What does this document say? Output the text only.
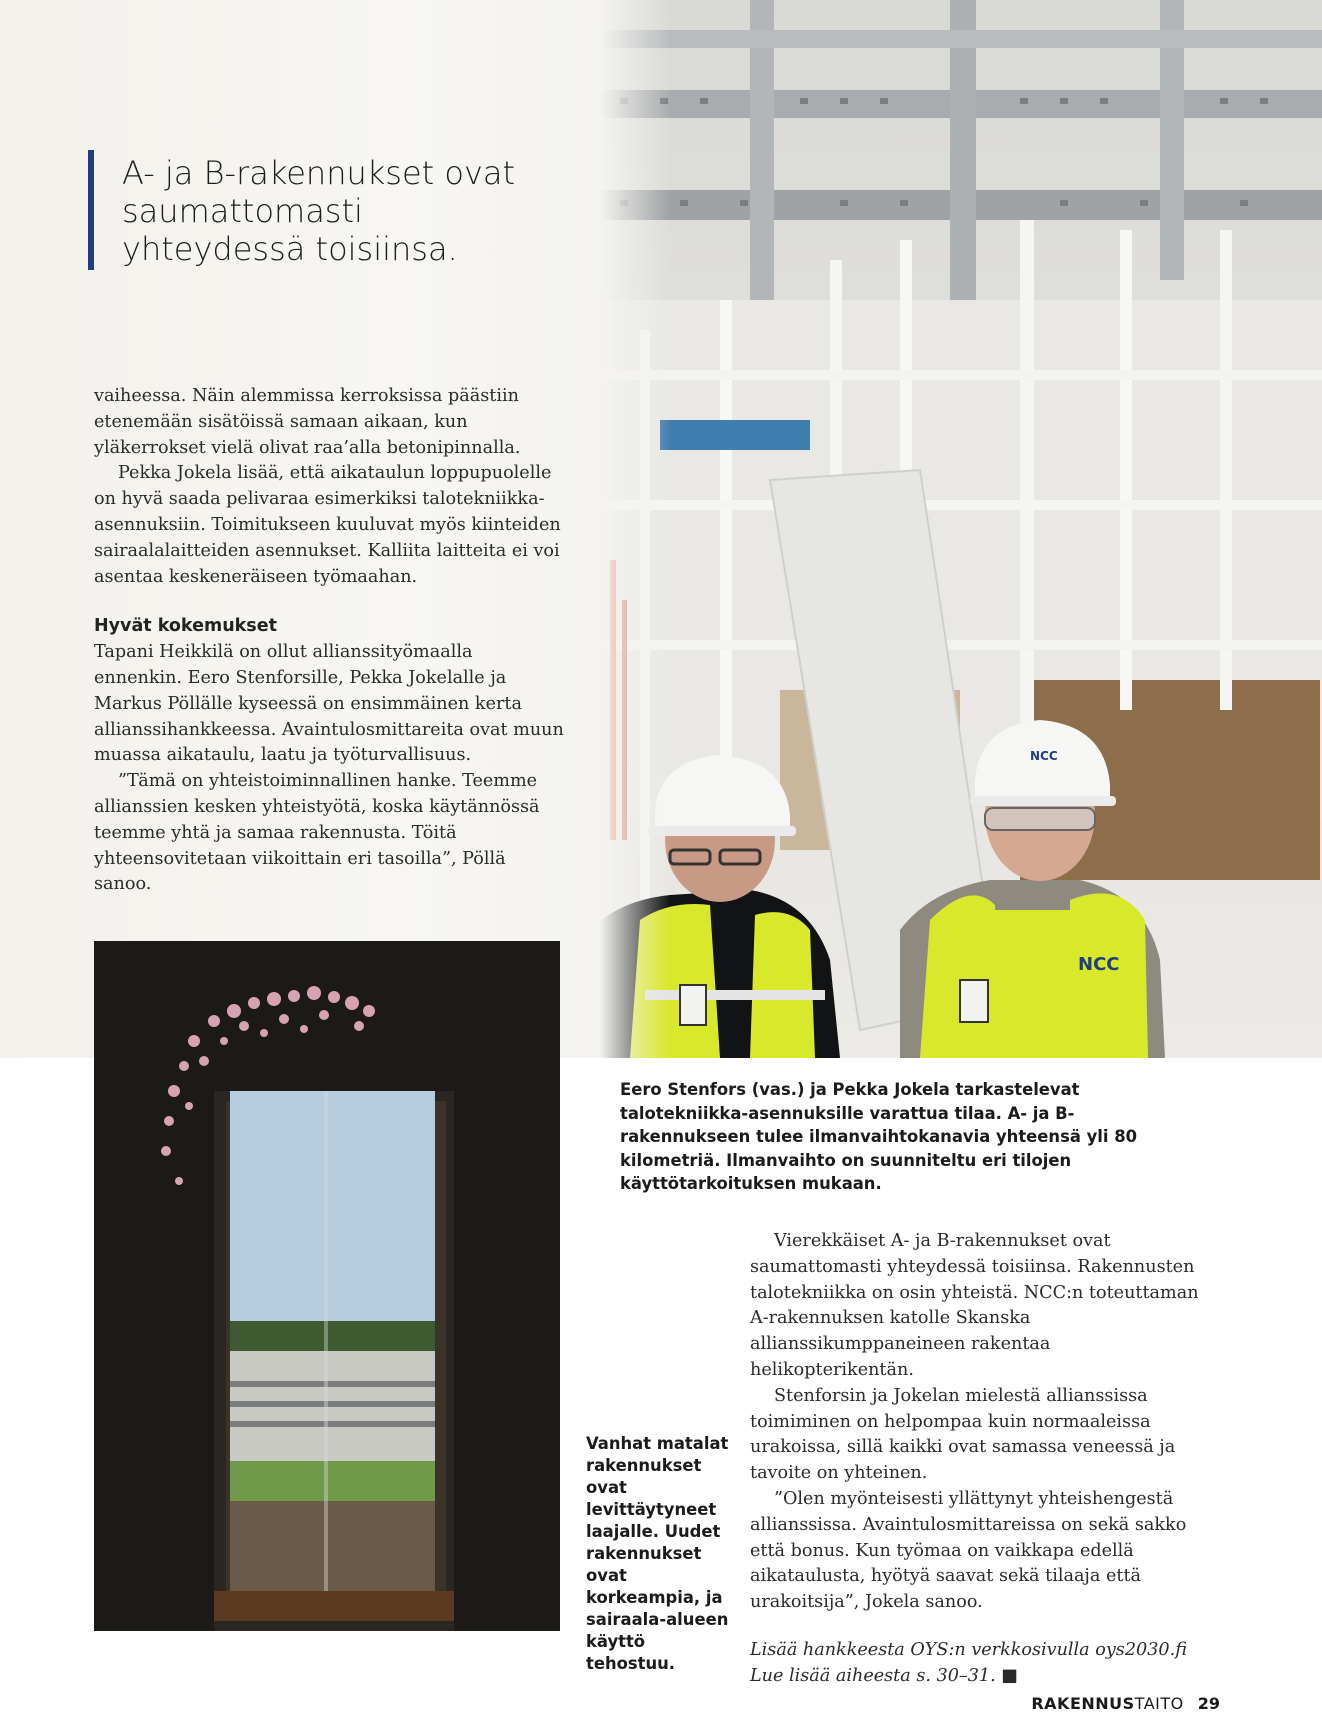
NCC
NCC
A- ja B-rakennukset ovat saumattomasti yhteydessä toisiinsa.

vaiheessa. Näin alemmissa kerroksissa päästiin etenemään sisätöissä samaan aikaan, kun yläkerrokset vielä olivat raa’alla betonipinnalla.

Pekka Jokela lisää, että aikataulun loppupuolelle on hyvä saada pelivaraa esimerkiksi talotekniikka-asennuksiin. Toimitukseen kuuluvat myös kiinteiden sairaalalaitteiden asennukset. Kalliita laitteita ei voi asentaa keskeneräiseen työmaahan.

Hyvät kokemukset

Tapani Heikkilä on ollut allianssityömaalla ennenkin. Eero Stenforsille, Pekka Jokelalle ja Markus Pöllälle kyseessä on ensimmäinen kerta allianssihankkeessa. Avaintulosmittareita ovat muun muassa aikataulu, laatu ja työturvallisuus.

”Tämä on yhteistoiminnallinen hanke. Teemme allianssien kesken yhteistyötä, koska käytännössä teemme yhtä ja samaa rakennusta. Töitä yhteensovitetaan viikoittain eri tasoilla”, Pöllä sanoo.

Eero Stenfors (vas.) ja Pekka Jokela tarkastelevat talotekniikka-asennuksille varattua tilaa. A- ja B-rakennukseen tulee ilmanvaihtokanavia yhteensä yli 80 kilometriä. Ilmanvaihto on suunniteltu eri tilojen käyttötarkoituksen mukaan.
Vanhat matalat rakennukset ovat levittäytyneet laajalle. Uudet rakennukset ovat korkeampia, ja sairaala-alueen käyttö tehostuu.

Vierekkäiset A- ja B-rakennukset ovat saumattomasti yhteydessä toisiinsa. Rakennusten talotekniikka on osin yhteistä. NCC:n toteuttaman A-rakennuksen katolle Skanska allianssikumppaneineen rakentaa helikopterikentän.

Stenforsin ja Jokelan mielestä allianssissa toimiminen on helpompaa kuin normaaleissa urakoissa, sillä kaikki ovat samassa veneessä ja tavoite on yhteinen.

”Olen myönteisesti yllättynyt yhteishengestä allianssissa. Avaintulosmittareissa on sekä sakko että bonus. Kun työmaa on vaikkapa edellä aikataulusta, hyötyä saavat sekä tilaaja että urakoitsija”, Jokela sanoo.

Lisää hankkeesta OYS:n verkkosivulla oys2030.fi

Lue lisää aiheesta s. 30–31. ■

RAKENNUSTAITO 29
